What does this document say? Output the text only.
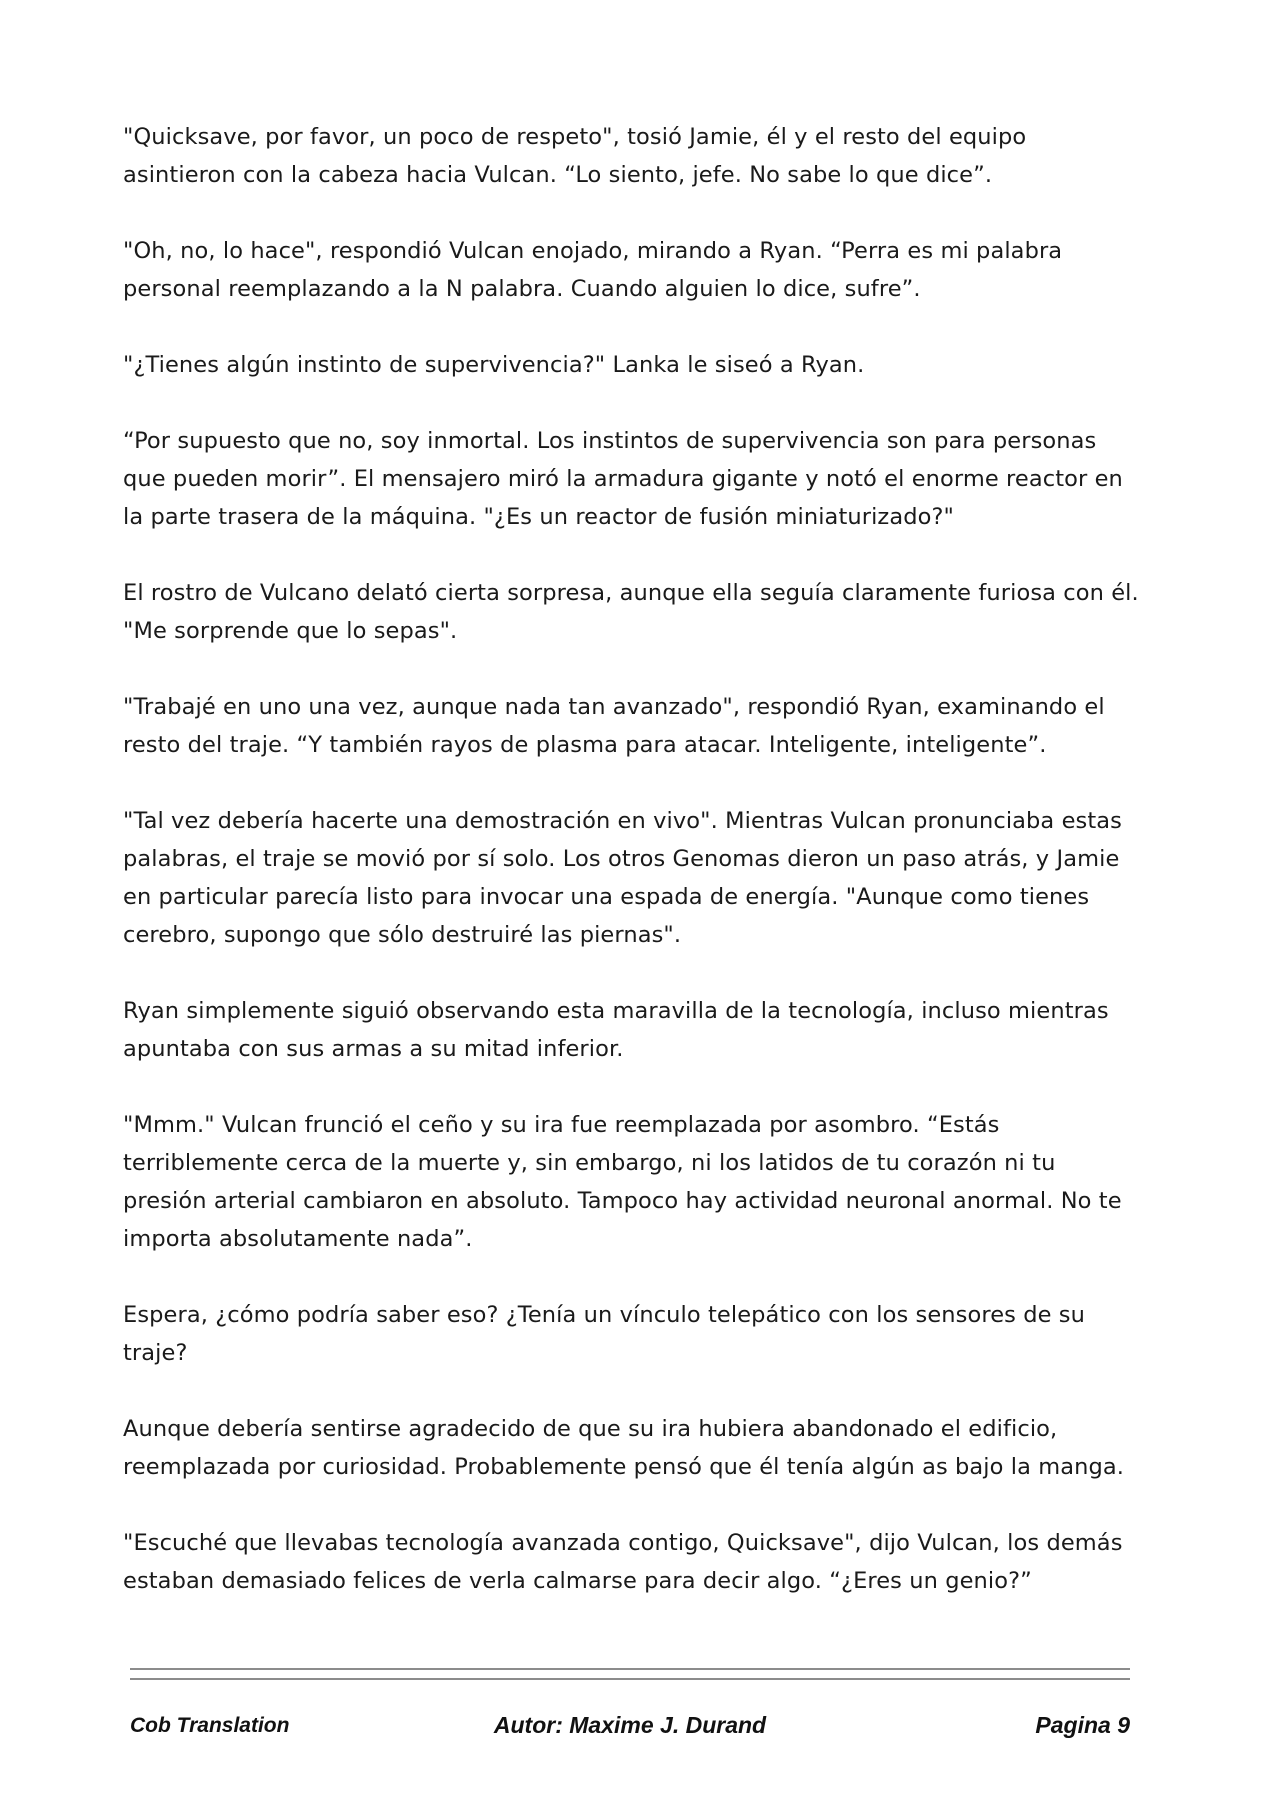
"Quicksave, por favor, un poco de respeto", tosió Jamie, él y el resto del equipo asintieron con la cabeza hacia Vulcan. “Lo siento, jefe. No sabe lo que dice”.

"Oh, no, lo hace", respondió Vulcan enojado, mirando a Ryan. “Perra es mi palabra personal reemplazando a la N palabra. Cuando alguien lo dice, sufre”.

"¿Tienes algún instinto de supervivencia?" Lanka le siseó a Ryan.

“Por supuesto que no, soy inmortal. Los instintos de supervivencia son para personas que pueden morir”. El mensajero miró la armadura gigante y notó el enorme reactor en la parte trasera de la máquina. "¿Es un reactor de fusión miniaturizado?"

El rostro de Vulcano delató cierta sorpresa, aunque ella seguía claramente furiosa con él. "Me sorprende que lo sepas".

"Trabajé en uno una vez, aunque nada tan avanzado", respondió Ryan, examinando el resto del traje. “Y también rayos de plasma para atacar. Inteligente, inteligente”.

"Tal vez debería hacerte una demostración en vivo". Mientras Vulcan pronunciaba estas palabras, el traje se movió por sí solo. Los otros Genomas dieron un paso atrás, y Jamie en particular parecía listo para invocar una espada de energía. "Aunque como tienes cerebro, supongo que sólo destruiré las piernas".

Ryan simplemente siguió observando esta maravilla de la tecnología, incluso mientras apuntaba con sus armas a su mitad inferior.

"Mmm." Vulcan frunció el ceño y su ira fue reemplazada por asombro. “Estás terriblemente cerca de la muerte y, sin embargo, ni los latidos de tu corazón ni tu presión arterial cambiaron en absoluto. Tampoco hay actividad neuronal anormal. No te importa absolutamente nada”.

Espera, ¿cómo podría saber eso? ¿Tenía un vínculo telepático con los sensores de su traje?

Aunque debería sentirse agradecido de que su ira hubiera abandonado el edificio, reemplazada por curiosidad. Probablemente pensó que él tenía algún as bajo la manga.

"Escuché que llevabas tecnología avanzada contigo, Quicksave", dijo Vulcan, los demás estaban demasiado felices de verla calmarse para decir algo. “¿Eres un genio?”

Cob Translation	Autor: Maxime J. Durand	Pagina 9
